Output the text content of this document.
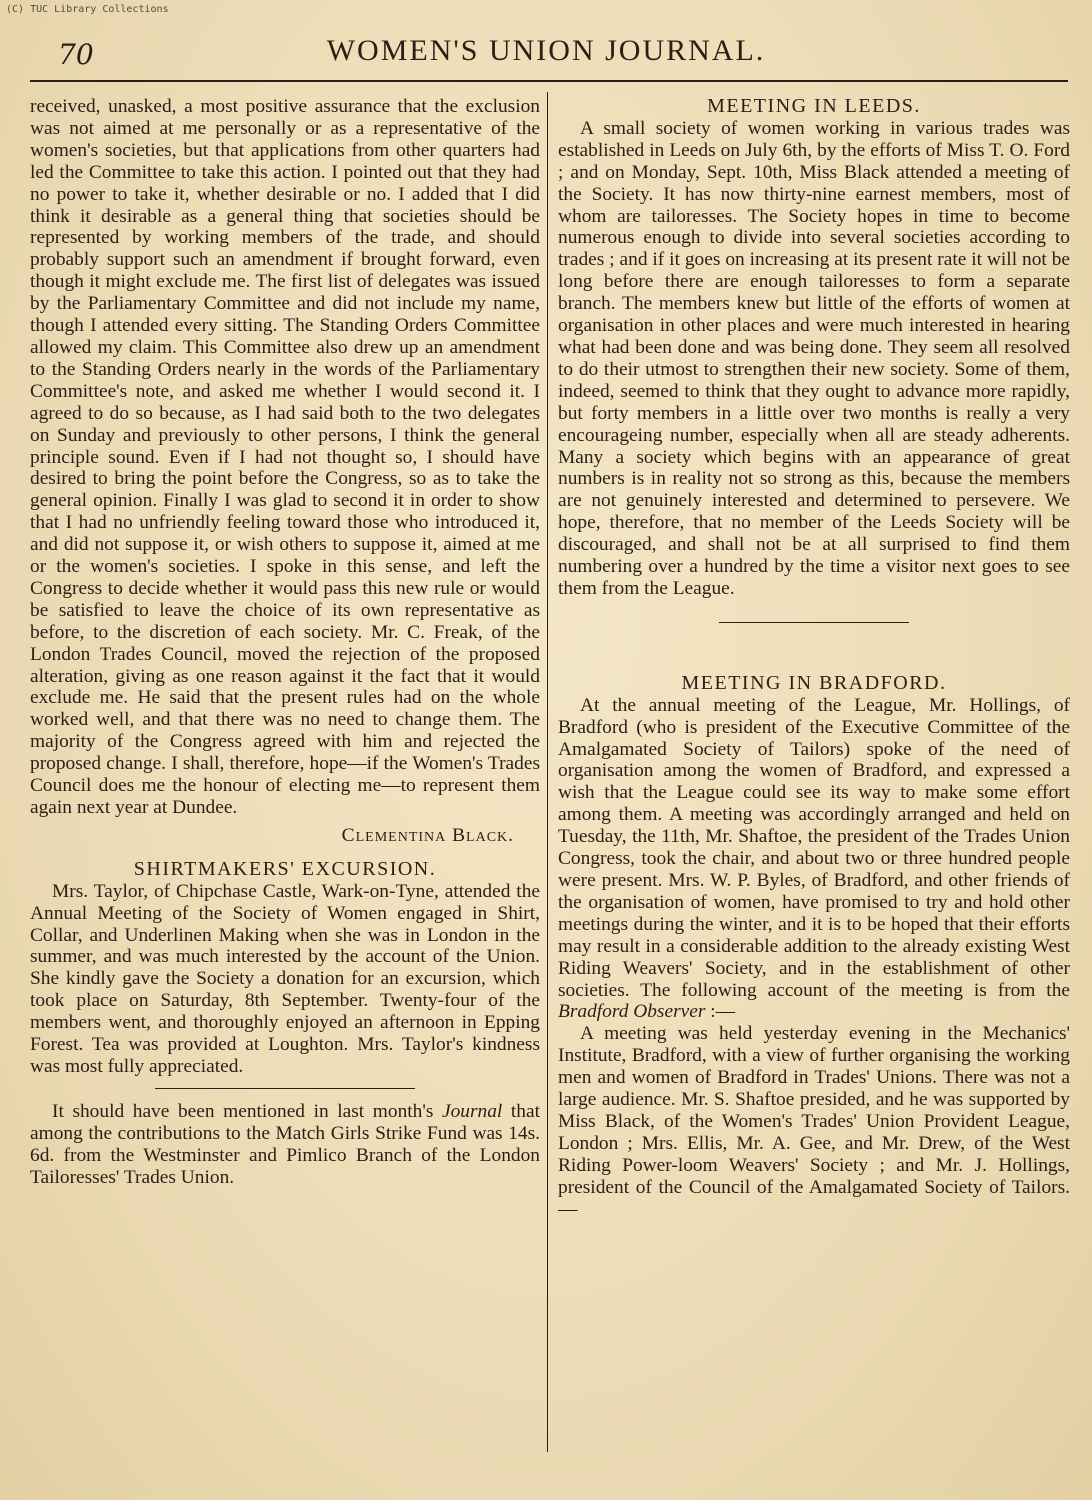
(C) TUC Library Collections
70	WOMEN'S UNION JOURNAL.

received, unasked, a most positive assurance that the exclusion was not aimed at me personally or as a representative of the women's societies, but that applications from other quarters had led the Committee to take this action. I pointed out that they had no power to take it, whether desirable or no. I added that I did think it desirable as a general thing that societies should be represented by working members of the trade, and should probably support such an amendment if brought forward, even though it might exclude me. The first list of delegates was issued by the Parliamentary Committee and did not include my name, though I attended every sitting. The Standing Orders Committee allowed my claim. This Committee also drew up an amendment to the Standing Orders nearly in the words of the Parliamentary Committee's note, and asked me whether I would second it. I agreed to do so because, as I had said both to the two delegates on Sunday and previously to other persons, I think the general principle sound. Even if I had not thought so, I should have desired to bring the point before the Congress, so as to take the general opinion. Finally I was glad to second it in order to show that I had no unfriendly feeling toward those who introduced it, and did not suppose it, or wish others to suppose it, aimed at me or the women's societies. I spoke in this sense, and left the Congress to decide whether it would pass this new rule or would be satisfied to leave the choice of its own representative as before, to the discretion of each society. Mr. C. Freak, of the London Trades Council, moved the rejection of the proposed alteration, giving as one reason against it the fact that it would exclude me. He said that the present rules had on the whole worked well, and that there was no need to change them. The majority of the Congress agreed with him and rejected the proposed change. I shall, therefore, hope—if the Women's Trades Council does me the honour of electing me—to represent them again next year at Dundee.

Clementina Black.

SHIRTMAKERS' EXCURSION.

Mrs. Taylor, of Chipchase Castle, Wark-on-Tyne, attended the Annual Meeting of the Society of Women engaged in Shirt, Collar, and Underlinen Making when she was in London in the summer, and was much interested by the account of the Union. She kindly gave the Society a donation for an excursion, which took place on Saturday, 8th September. Twenty-four of the members went, and thoroughly enjoyed an afternoon in Epping Forest. Tea was provided at Loughton. Mrs. Taylor's kindness was most fully appreciated.

It should have been mentioned in last month's Journal that among the contributions to the Match Girls Strike Fund was 14s. 6d. from the Westminster and Pimlico Branch of the London Tailoresses' Trades Union.

MEETING IN LEEDS.

A small society of women working in various trades was established in Leeds on July 6th, by the efforts of Miss T. O. Ford ; and on Monday, Sept. 10th, Miss Black attended a meeting of the Society. It has now thirty-nine earnest members, most of whom are tailoresses. The Society hopes in time to become numerous enough to divide into several societies according to trades ; and if it goes on increasing at its present rate it will not be long before there are enough tailoresses to form a separate branch. The members knew but little of the efforts of women at organisation in other places and were much interested in hearing what had been done and was being done. They seem all resolved to do their utmost to strengthen their new society. Some of them, indeed, seemed to think that they ought to advance more rapidly, but forty members in a little over two months is really a very encourageing number, especially when all are steady adherents. Many a society which begins with an appearance of great numbers is in reality not so strong as this, because the members are not genuinely interested and determined to persevere. We hope, therefore, that no member of the Leeds Society will be discouraged, and shall not be at all surprised to find them numbering over a hundred by the time a visitor next goes to see them from the League.

MEETING IN BRADFORD.

At the annual meeting of the League, Mr. Hollings, of Bradford (who is president of the Executive Committee of the Amalgamated Society of Tailors) spoke of the need of organisation among the women of Bradford, and expressed a wish that the League could see its way to make some effort among them. A meeting was accordingly arranged and held on Tuesday, the 11th, Mr. Shaftoe, the president of the Trades Union Congress, took the chair, and about two or three hundred people were present. Mrs. W. P. Byles, of Bradford, and other friends of the organisation of women, have promised to try and hold other meetings during the winter, and it is to be hoped that their efforts may result in a considerable addition to the already existing West Riding Weavers' Society, and in the establishment of other societies. The following account of the meeting is from the Bradford Observer :—

A meeting was held yesterday evening in the Mechanics' Institute, Bradford, with a view of further organising the working men and women of Bradford in Trades' Unions. There was not a large audience. Mr. S. Shaftoe presided, and he was supported by Miss Black, of the Women's Trades' Union Provident League, London ; Mrs. Ellis, Mr. A. Gee, and Mr. Drew, of the West Riding Power-loom Weavers' Society ; and Mr. J. Hollings, president of the Council of the Amalgamated Society of Tailors.—
